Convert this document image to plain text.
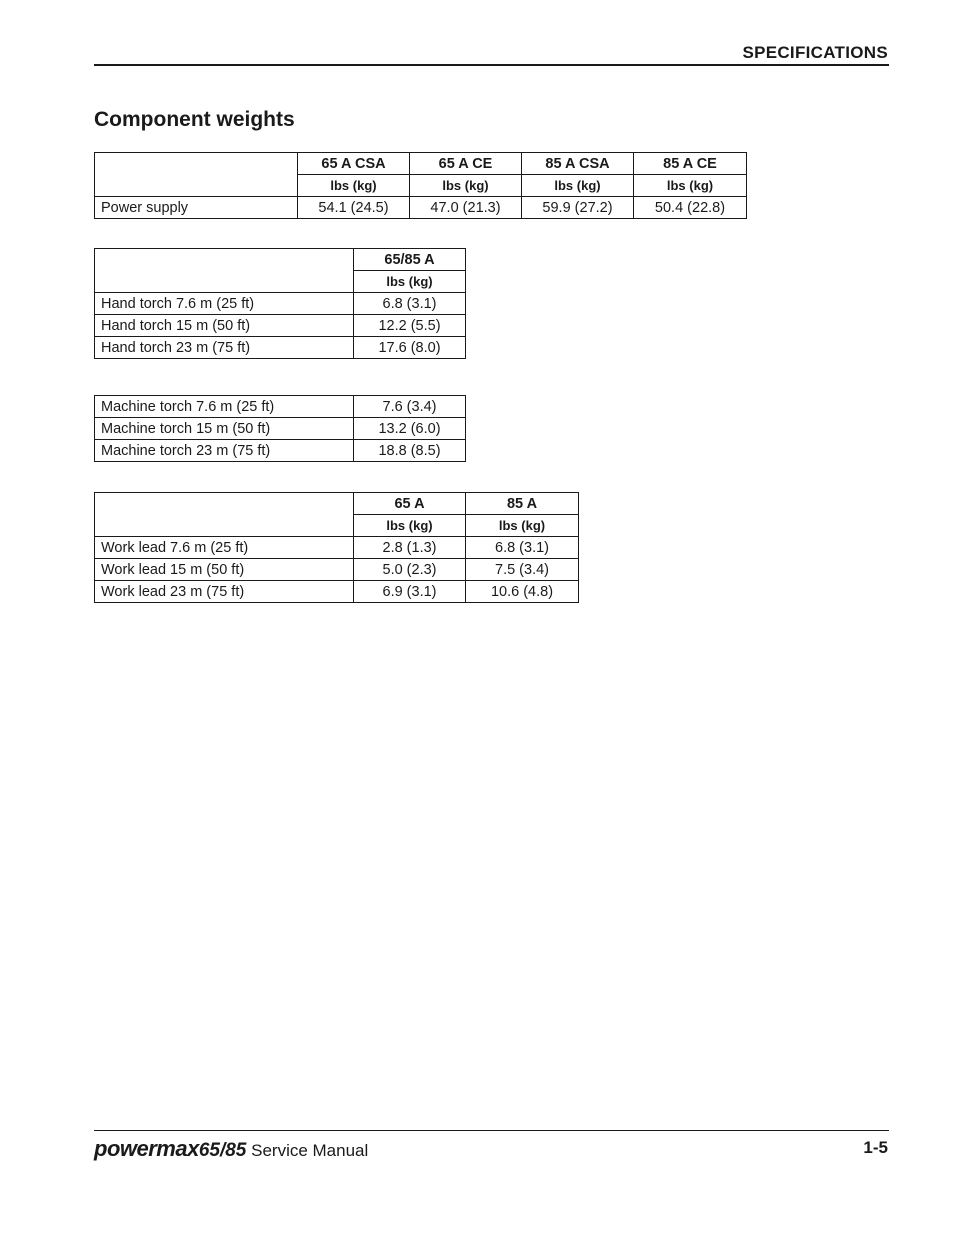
SPECIFICATIONS
Component weights
	65 A CSA	65 A CE	85 A CSA	85 A CE
	lbs (kg)	lbs (kg)	lbs (kg)	lbs (kg)
Power supply	54.1 (24.5)	47.0 (21.3)	59.9 (27.2)	50.4 (22.8)
	65/85 A
	lbs (kg)
Hand torch 7.6 m (25 ft)	6.8 (3.1)
Hand torch 15 m (50 ft)	12.2 (5.5)
Hand torch 23 m (75 ft)	17.6 (8.0)
Machine torch 7.6 m (25 ft)	7.6 (3.4)
Machine torch 15 m (50 ft)	13.2 (6.0)
Machine torch 23 m (75 ft)	18.8 (8.5)
	65 A	85 A
	lbs (kg)	lbs (kg)
Work lead 7.6 m (25 ft)	2.8 (1.3)	6.8 (3.1)
Work lead 15 m (50 ft)	5.0 (2.3)	7.5 (3.4)
Work lead 23 m (75 ft)	6.9 (3.1)	10.6 (4.8)
powermax65/85 Service Manual	1-5
